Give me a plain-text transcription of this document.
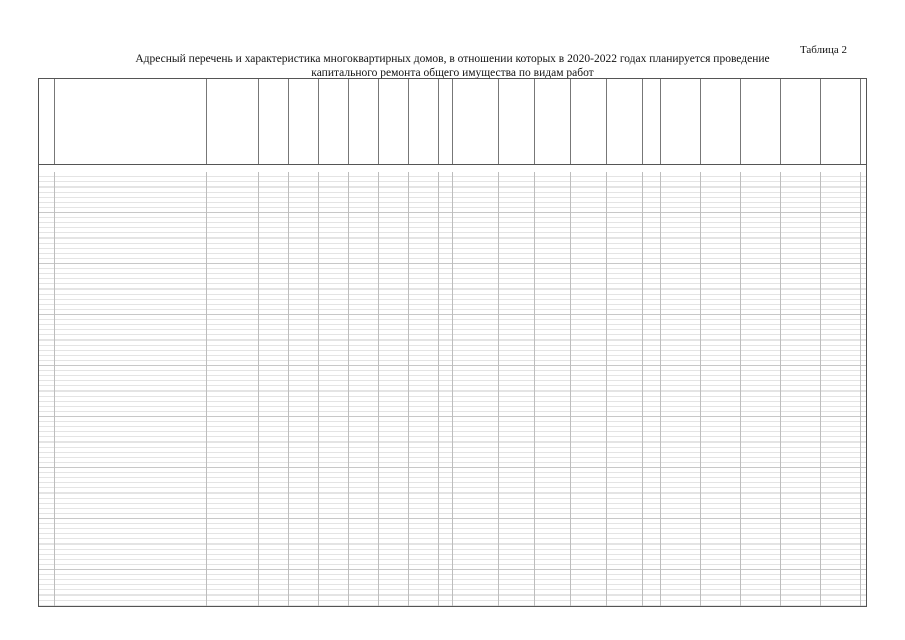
Таблица 2
Адресный перечень и характеристика многоквартирных домов, в отношении которых в 2020-2022 годах планируется проведение
капитального ремонта общего имущества по видам работ
